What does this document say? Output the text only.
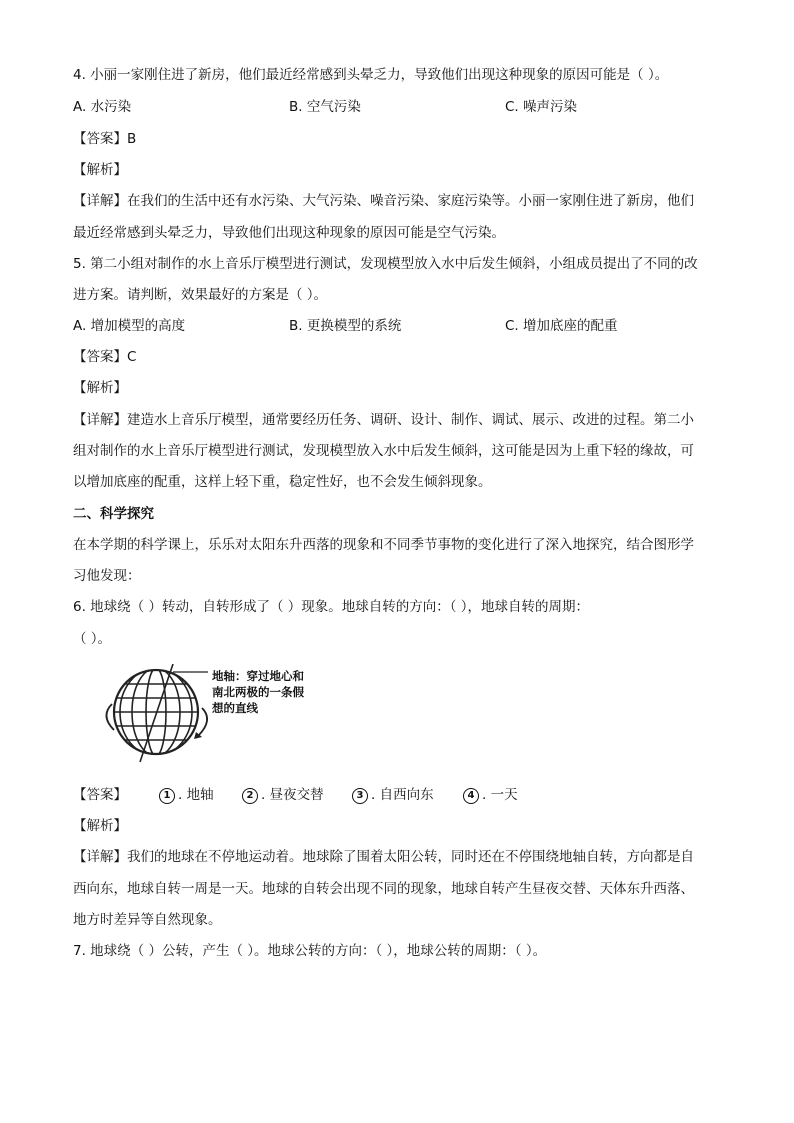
4. 小丽一家刚住进了新房，他们最近经常感到头晕乏力，导致他们出现这种现象的原因可能是（ ）。
A. 水污染	B. 空气污染	C. 噪声污染
【答案】B
【解析】
【详解】在我们的生活中还有水污染、大气污染、噪音污染、家庭污染等。小丽一家刚住进了新房，他们
最近经常感到头晕乏力，导致他们出现这种现象的原因可能是空气污染。
5. 第二小组对制作的水上音乐厅模型进行测试，发现模型放入水中后发生倾斜，小组成员提出了不同的改
进方案。请判断，效果最好的方案是（ ）。
A. 增加模型的高度	B. 更换模型的系统	C. 增加底座的配重
【答案】C
【解析】
【详解】建造水上音乐厅模型，通常要经历任务、调研、设计、制作、调试、展示、改进的过程。第二小
组对制作的水上音乐厅模型进行测试，发现模型放入水中后发生倾斜，这可能是因为上重下轻的缘故，可
以增加底座的配重，这样上轻下重，稳定性好，也不会发生倾斜现象。
二、科学探究
在本学期的科学课上，乐乐对太阳东升西落的现象和不同季节事物的变化进行了深入地探究，结合图形学
习他发现：
6. 地球绕（ ）转动，自转形成了（ ）现象。地球自转的方向：（ ），地球自转的周期：
（ ）。
地轴：穿过地心和
南北两极的一条假
想的直线
【答案】	1 . 地轴	2 . 昼夜交替	3 . 自西向东	4 . 一天
【解析】
【详解】我们的地球在不停地运动着。地球除了围着太阳公转，同时还在不停围绕地轴自转，方向都是自
西向东，地球自转一周是一天。地球的自转会出现不同的现象，地球自转产生昼夜交替、天体东升西落、
地方时差异等自然现象。
7. 地球绕（ ）公转，产生（ ）。地球公转的方向：（ ），地球公转的周期：（ ）。
